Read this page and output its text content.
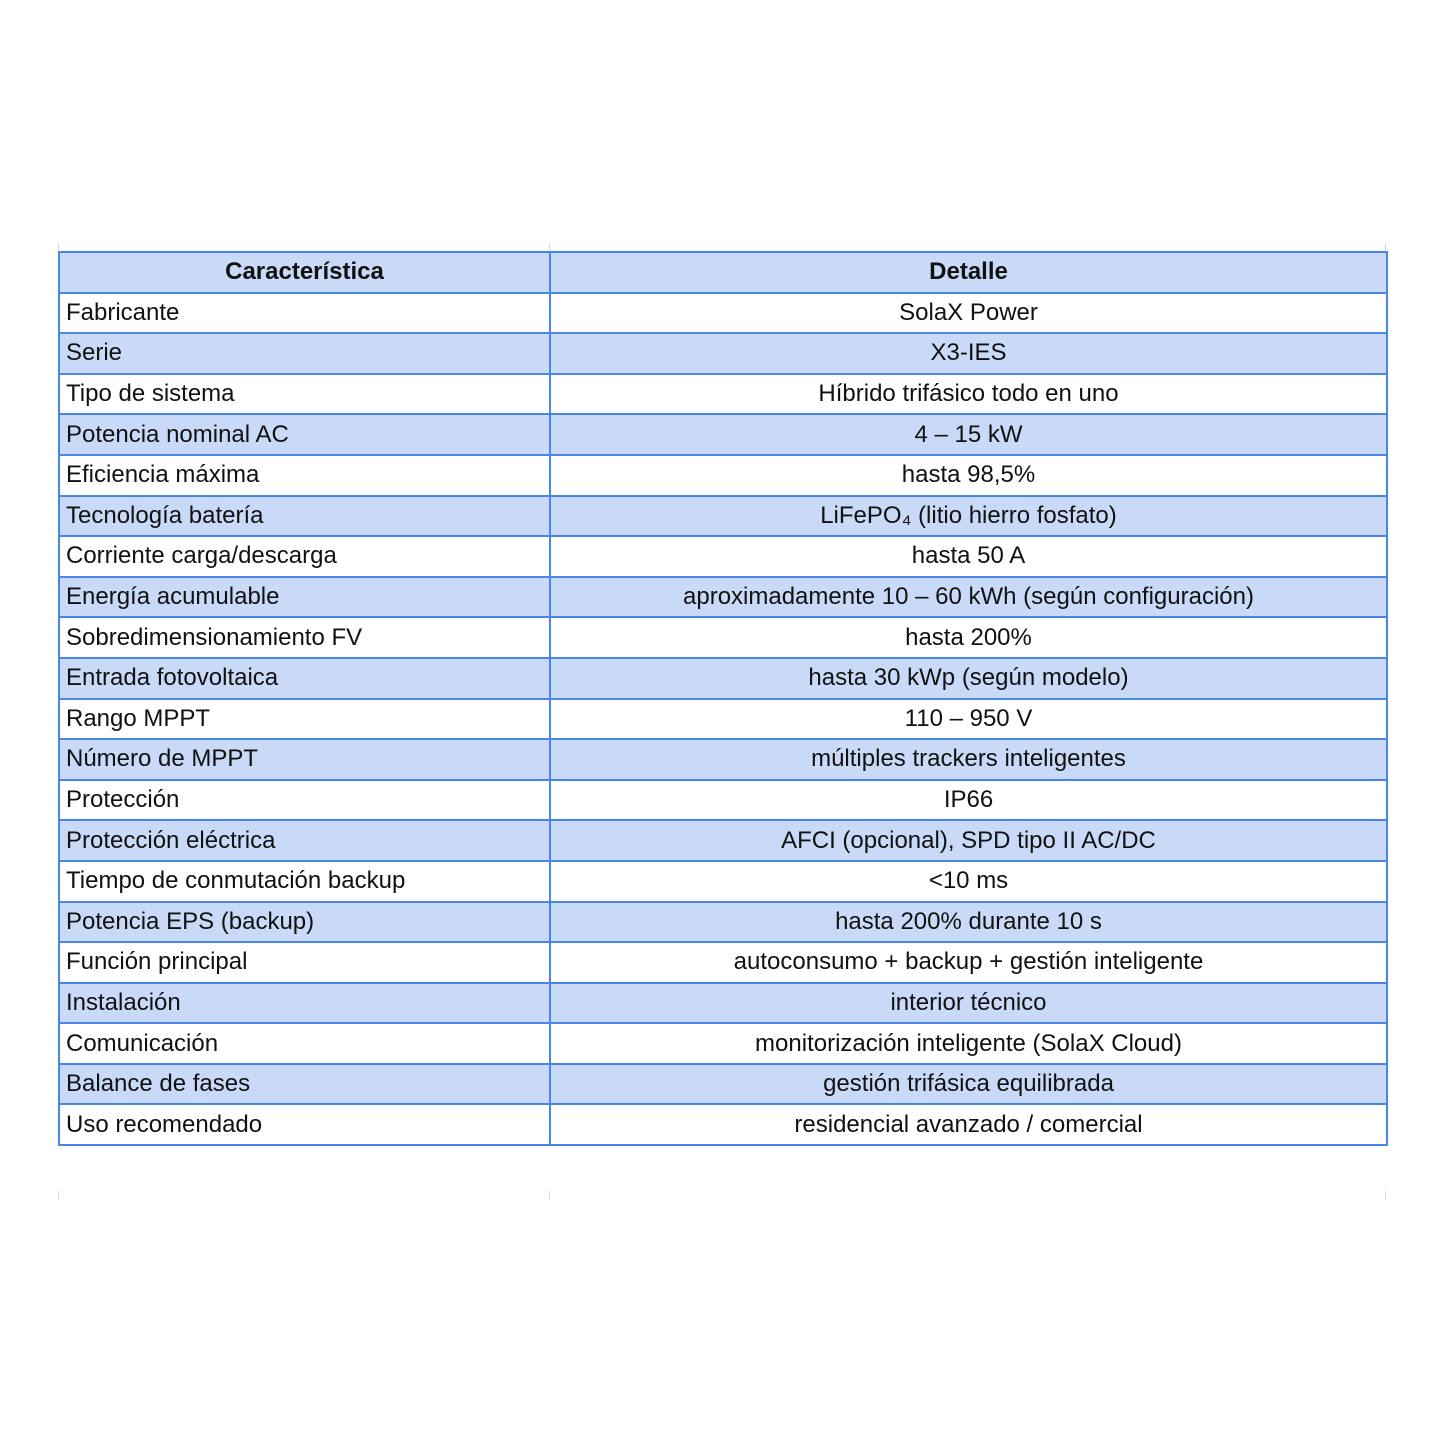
Característica	Detalle
Fabricante	SolaX Power
Serie	X3-IES
Tipo de sistema	Híbrido trifásico todo en uno
Potencia nominal AC	4 – 15 kW
Eficiencia máxima	hasta 98,5%
Tecnología batería	LiFePO₄ (litio hierro fosfato)
Corriente carga/descarga	hasta 50 A
Energía acumulable	aproximadamente 10 – 60 kWh (según configuración)
Sobredimensionamiento FV	hasta 200%
Entrada fotovoltaica	hasta 30 kWp (según modelo)
Rango MPPT	110 – 950 V
Número de MPPT	múltiples trackers inteligentes
Protección	IP66
Protección eléctrica	AFCI (opcional), SPD tipo II AC/DC
Tiempo de conmutación backup	<10 ms
Potencia EPS (backup)	hasta 200% durante 10 s
Función principal	autoconsumo + backup + gestión inteligente
Instalación	interior técnico
Comunicación	monitorización inteligente (SolaX Cloud)
Balance de fases	gestión trifásica equilibrada
Uso recomendado	residencial avanzado / comercial
